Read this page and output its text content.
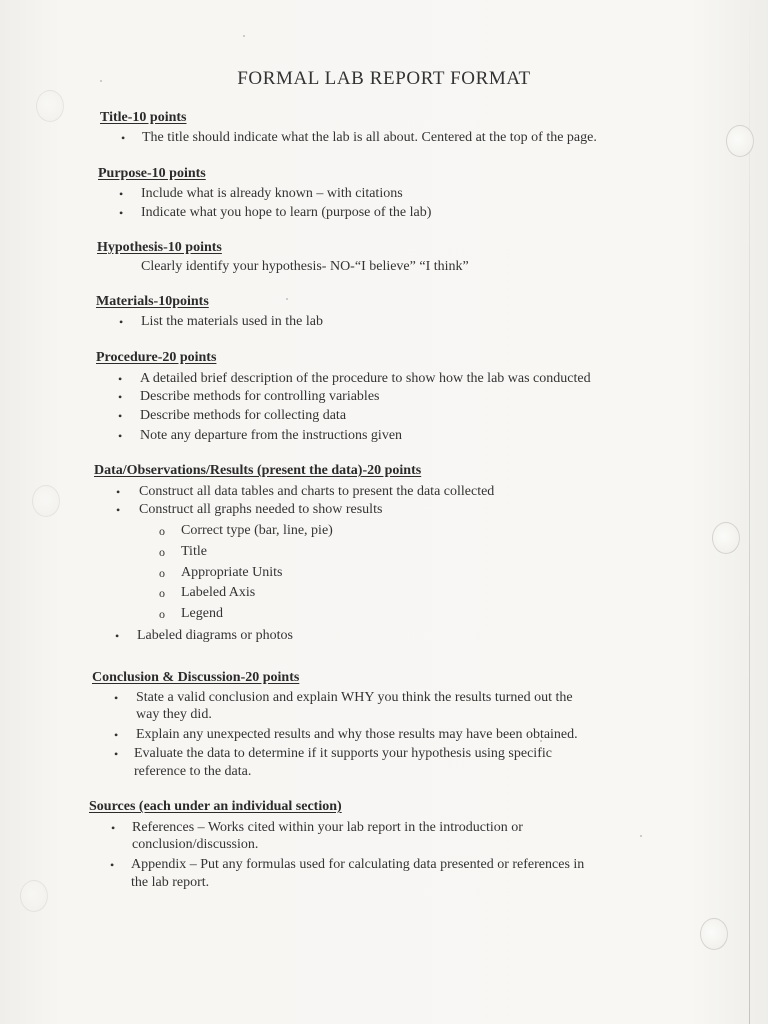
FORMAL LAB REPORT FORMAT
Title-10 points
• The title should indicate what the lab is all about. Centered at the top of the page.
Purpose-10 points
• Include what is already known – with citations
• Indicate what you hope to learn (purpose of the lab)
Hypothesis-10 points
Clearly identify your hypothesis- NO-“I believe” “I think”
Materials-10points
• List the materials used in the lab
Procedure-20 points
• A detailed brief description of the procedure to show how the lab was conducted
• Describe methods for controlling variables
• Describe methods for collecting data
• Note any departure from the instructions given
Data/Observations/Results (present the data)-20 points
• Construct all data tables and charts to present the data collected
• Construct all graphs needed to show results
o Correct type (bar, line, pie)
o Title
o Appropriate Units
o Labeled Axis
o Legend
• Labeled diagrams or photos
Conclusion & Discussion-20 points
• State a valid conclusion and explain WHY you think the results turned out the
way they did.
• Explain any unexpected results and why those results may have been obtained.
• Evaluate the data to determine if it supports your hypothesis using specific
reference to the data.
Sources (each under an individual section)
• References – Works cited within your lab report in the introduction or
conclusion/discussion.
• Appendix – Put any formulas used for calculating data presented or references in
the lab report.
